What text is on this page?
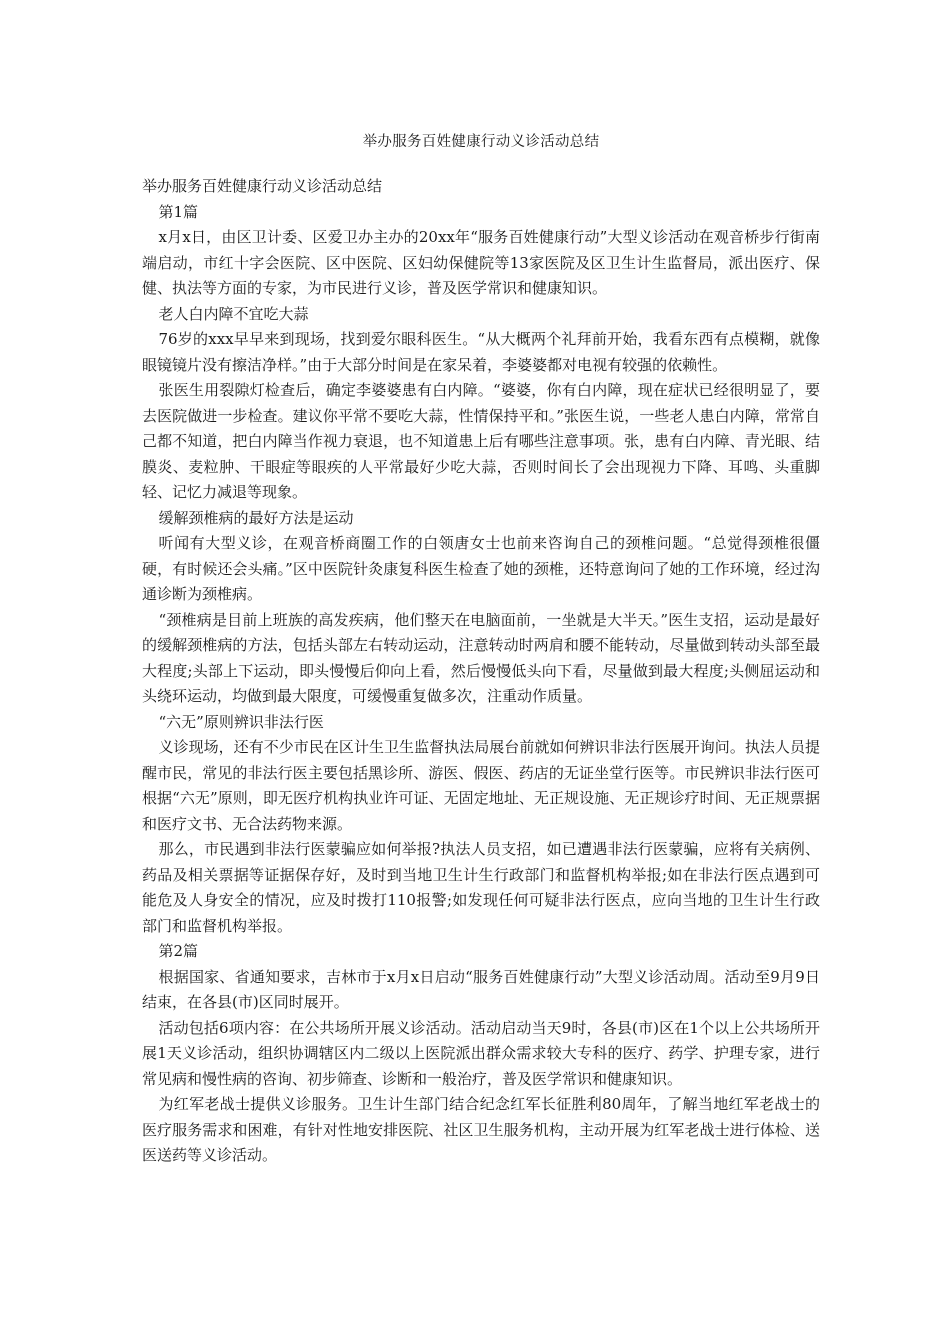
举办服务百姓健康行动义诊活动总结

举办服务百姓健康行动义诊活动总结

第1篇

x月x日，由区卫计委、区爱卫办主办的20xx年“服务百姓健康行动”大型义诊活动在观音桥步行街南端启动，市红十字会医院、区中医院、区妇幼保健院等13家医院及区卫生计生监督局，派出医疗、保健、执法等方面的专家，为市民进行义诊，普及医学常识和健康知识。

老人白内障不宜吃大蒜

76岁的xxx早早来到现场，找到爱尔眼科医生。“从大概两个礼拜前开始，我看东西有点模糊，就像眼镜镜片没有擦洁净样。”由于大部分时间是在家呆着，李婆婆都对电视有较强的依赖性。

张医生用裂隙灯检查后，确定李婆婆患有白内障。“婆婆，你有白内障，现在症状已经很明显了，要去医院做进一步检查。建议你平常不要吃大蒜，性情保持平和。”张医生说，一些老人患白内障，常常自己都不知道，把白内障当作视力衰退，也不知道患上后有哪些注意事项。张，患有白内障、青光眼、结膜炎、麦粒肿、干眼症等眼疾的人平常最好少吃大蒜，否则时间长了会出现视力下降、耳鸣、头重脚轻、记忆力减退等现象。

缓解颈椎病的最好方法是运动

听闻有大型义诊，在观音桥商圈工作的白领唐女士也前来咨询自己的颈椎问题。“总觉得颈椎很僵硬，有时候还会头痛。”区中医院针灸康复科医生检查了她的颈椎，还特意询问了她的工作环境，经过沟通诊断为颈椎病。

“颈椎病是目前上班族的高发疾病，他们整天在电脑面前，一坐就是大半天。”医生支招，运动是最好的缓解颈椎病的方法，包括头部左右转动运动，注意转动时两肩和腰不能转动，尽量做到转动头部至最大程度;头部上下运动，即头慢慢后仰向上看，然后慢慢低头向下看，尽量做到最大程度;头侧屈运动和头绕环运动，均做到最大限度，可缓慢重复做多次，注重动作质量。

“六无”原则辨识非法行医

义诊现场，还有不少市民在区计生卫生监督执法局展台前就如何辨识非法行医展开询问。执法人员提醒市民，常见的非法行医主要包括黑诊所、游医、假医、药店的无证坐堂行医等。市民辨识非法行医可根据“六无”原则，即无医疗机构执业许可证、无固定地址、无正规设施、无正规诊疗时间、无正规票据和医疗文书、无合法药物来源。

那么，市民遇到非法行医蒙骗应如何举报?执法人员支招，如已遭遇非法行医蒙骗，应将有关病例、药品及相关票据等证据保存好，及时到当地卫生计生行政部门和监督机构举报;如在非法行医点遇到可能危及人身安全的情况，应及时拨打110报警;如发现任何可疑非法行医点，应向当地的卫生计生行政部门和监督机构举报。

第2篇

根据国家、省通知要求，吉林市于x月x日启动“服务百姓健康行动”大型义诊活动周。活动至9月9日结束，在各县(市)区同时展开。

活动包括6项内容：在公共场所开展义诊活动。活动启动当天9时，各县(市)区在1个以上公共场所开展1天义诊活动，组织协调辖区内二级以上医院派出群众需求较大专科的医疗、药学、护理专家，进行常见病和慢性病的咨询、初步筛查、诊断和一般治疗，普及医学常识和健康知识。

为红军老战士提供义诊服务。卫生计生部门结合纪念红军长征胜利80周年，了解当地红军老战士的医疗服务需求和困难，有针对性地安排医院、社区卫生服务机构，主动开展为红军老战士进行体检、送医送药等义诊活动。
